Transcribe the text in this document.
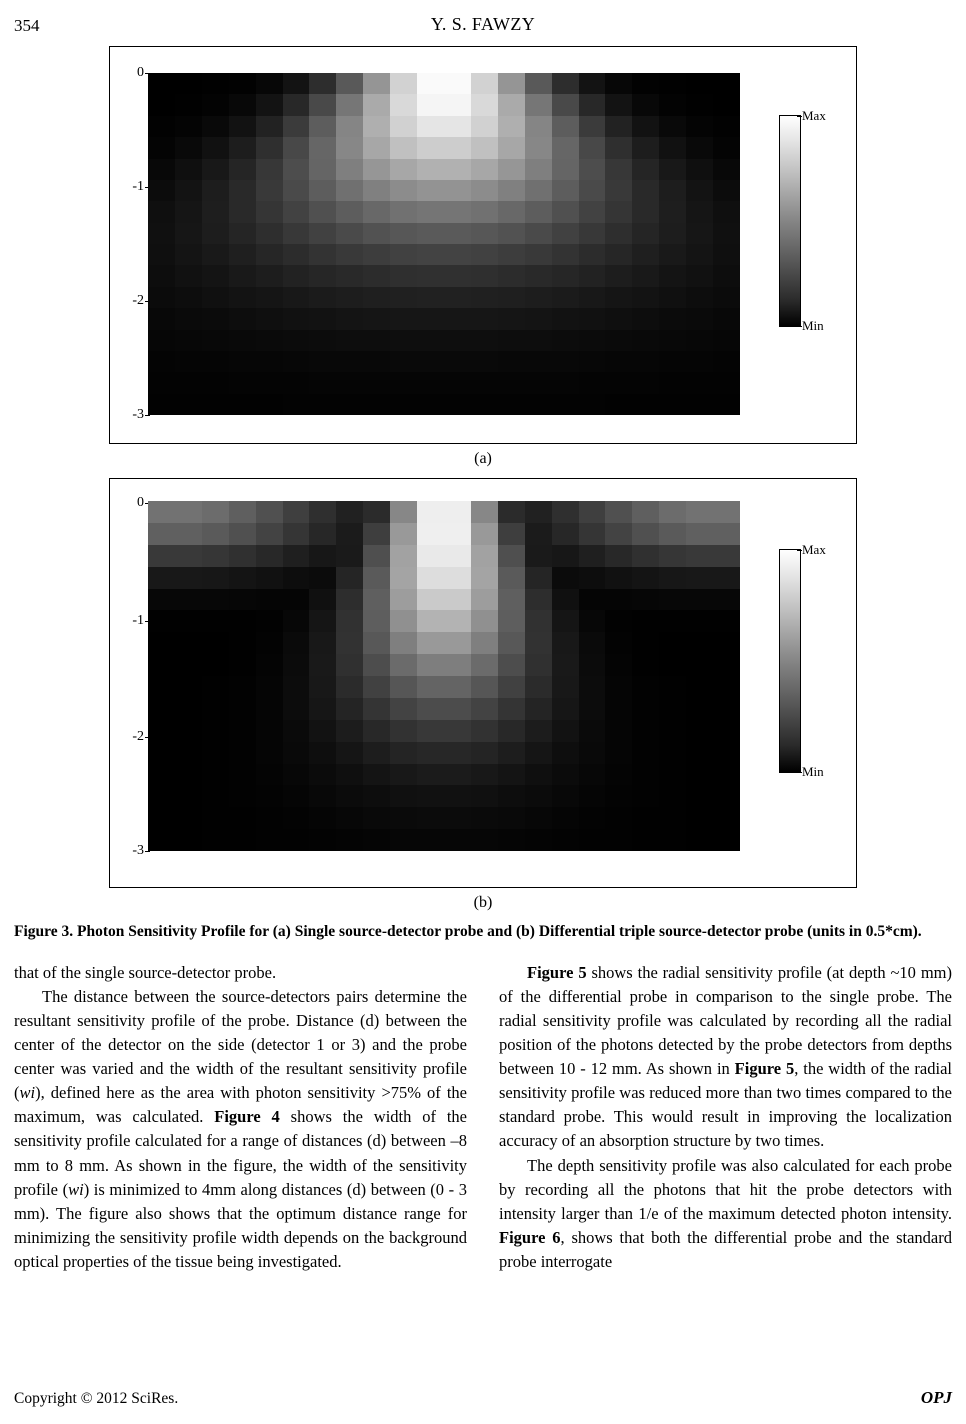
354	Y. S. FAWZY
0
-1
-2
-3
Max
Min
(a)
0
-1
-2
-3
Max
Min
(b)
Figure 3. Photon Sensitivity Profile for (a) Single source-detector probe and (b) Differential triple source-detector probe (units in 0.5*cm).

that of the single source-detector probe.

The distance between the source-detectors pairs determine the resultant sensitivity profile of the probe. Distance (d) between the center of the detector on the side (detector 1 or 3) and the probe center was varied and the width of the resultant sensitivity profile (wi), defined here as the area with photon sensitivity >75% of the maximum, was calculated. Figure 4 shows the width of the sensitivity profile calculated for a range of distances (d) between –8 mm to 8 mm. As shown in the figure, the width of the sensitivity profile (wi) is minimized to 4mm along distances (d) between (0 - 3 mm). The figure also shows that the optimum distance range for minimizing the sensitivity profile width depends on the background optical properties of the tissue being investigated.

Figure 5 shows the radial sensitivity profile (at depth ~10 mm) of the differential probe in comparison to the single probe. The radial sensitivity profile was calculated by recording all the radial position of the photons detected by the probe detectors from depths between 10 - 12 mm. As shown in Figure 5, the width of the radial sensitivity profile was reduced more than two times compared to the standard probe. This would result in improving the localization accuracy of an absorption structure by two times.

The depth sensitivity profile was also calculated for each probe by recording all the photons that hit the probe detectors with intensity larger than 1/e of the maximum detected photon intensity. Figure 6, shows that both the differential probe and the standard probe interrogate

Copyright © 2012 SciRes.	OPJ
